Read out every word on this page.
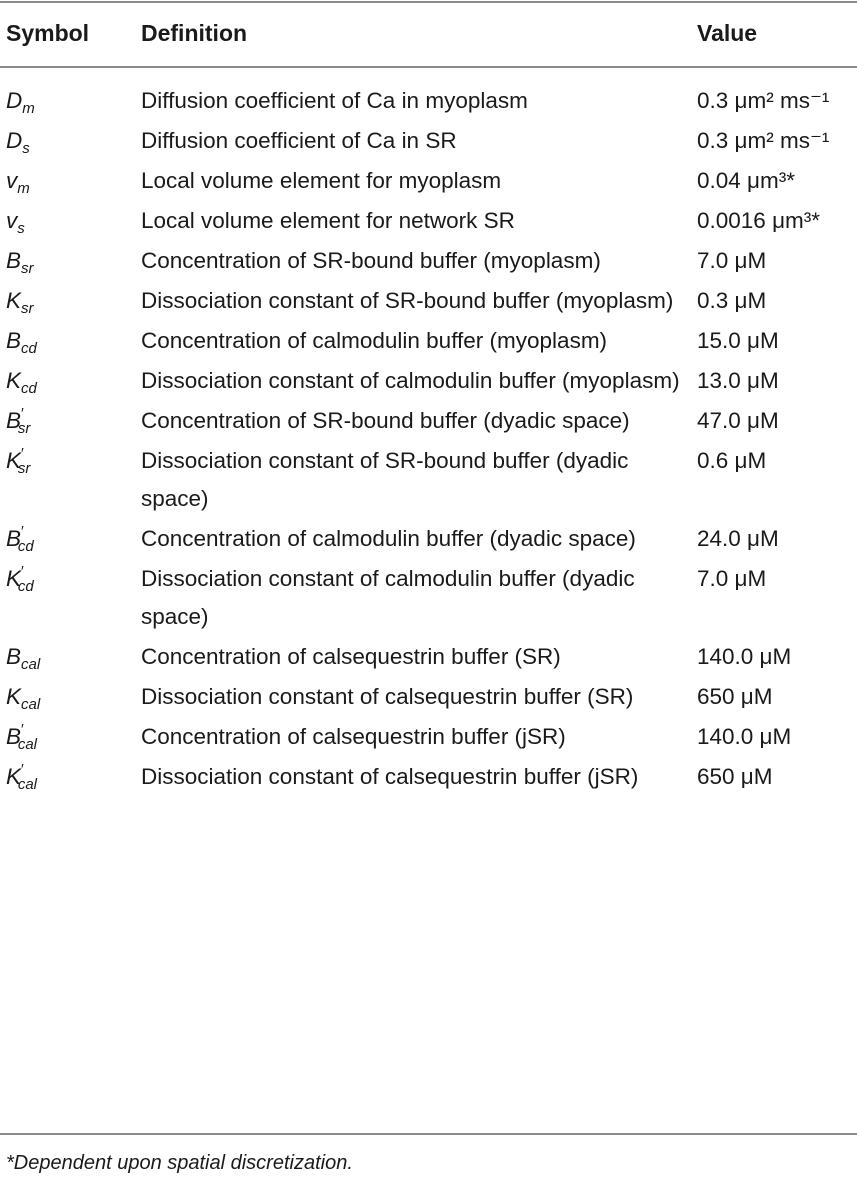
Symbol	Definition	Value
$D_m$	Diffusion coefficient of Ca in myoplasm	0.3 μm² ms⁻¹
$D_s$	Diffusion coefficient of Ca in SR	0.3 μm² ms⁻¹
$v_m$	Local volume element for myoplasm	0.04 μm³*
$v_s$	Local volume element for network SR	0.0016 μm³*
$B_{sr}$	Concentration of SR-bound buffer (myoplasm)	7.0 μM
$K_{sr}$	Dissociation constant of SR-bound buffer (myoplasm)	0.3 μM
$B_{cd}$	Concentration of calmodulin buffer (myoplasm)	15.0 μM
$K_{cd}$	Dissociation constant of calmodulin buffer (myoplasm)	13.0 μM
$B'_{sr}$	Concentration of SR-bound buffer (dyadic space)	47.0 μM
$K'_{sr}$	Dissociation constant of SR-bound buffer (dyadic space)	0.6 μM
$B'_{cd}$	Concentration of calmodulin buffer (dyadic space)	24.0 μM
$K'_{cd}$	Dissociation constant of calmodulin buffer (dyadic space)	7.0 μM
$B_{cal}$	Concentration of calsequestrin buffer (SR)	140.0 μM
$K_{cal}$	Dissociation constant of calsequestrin buffer (SR)	650 μM
$B'_{cal}$	Concentration of calsequestrin buffer (jSR)	140.0 μM
$K'_{cal}$	Dissociation constant of calsequestrin buffer (jSR)	650 μM
*Dependent upon spatial discretization.
